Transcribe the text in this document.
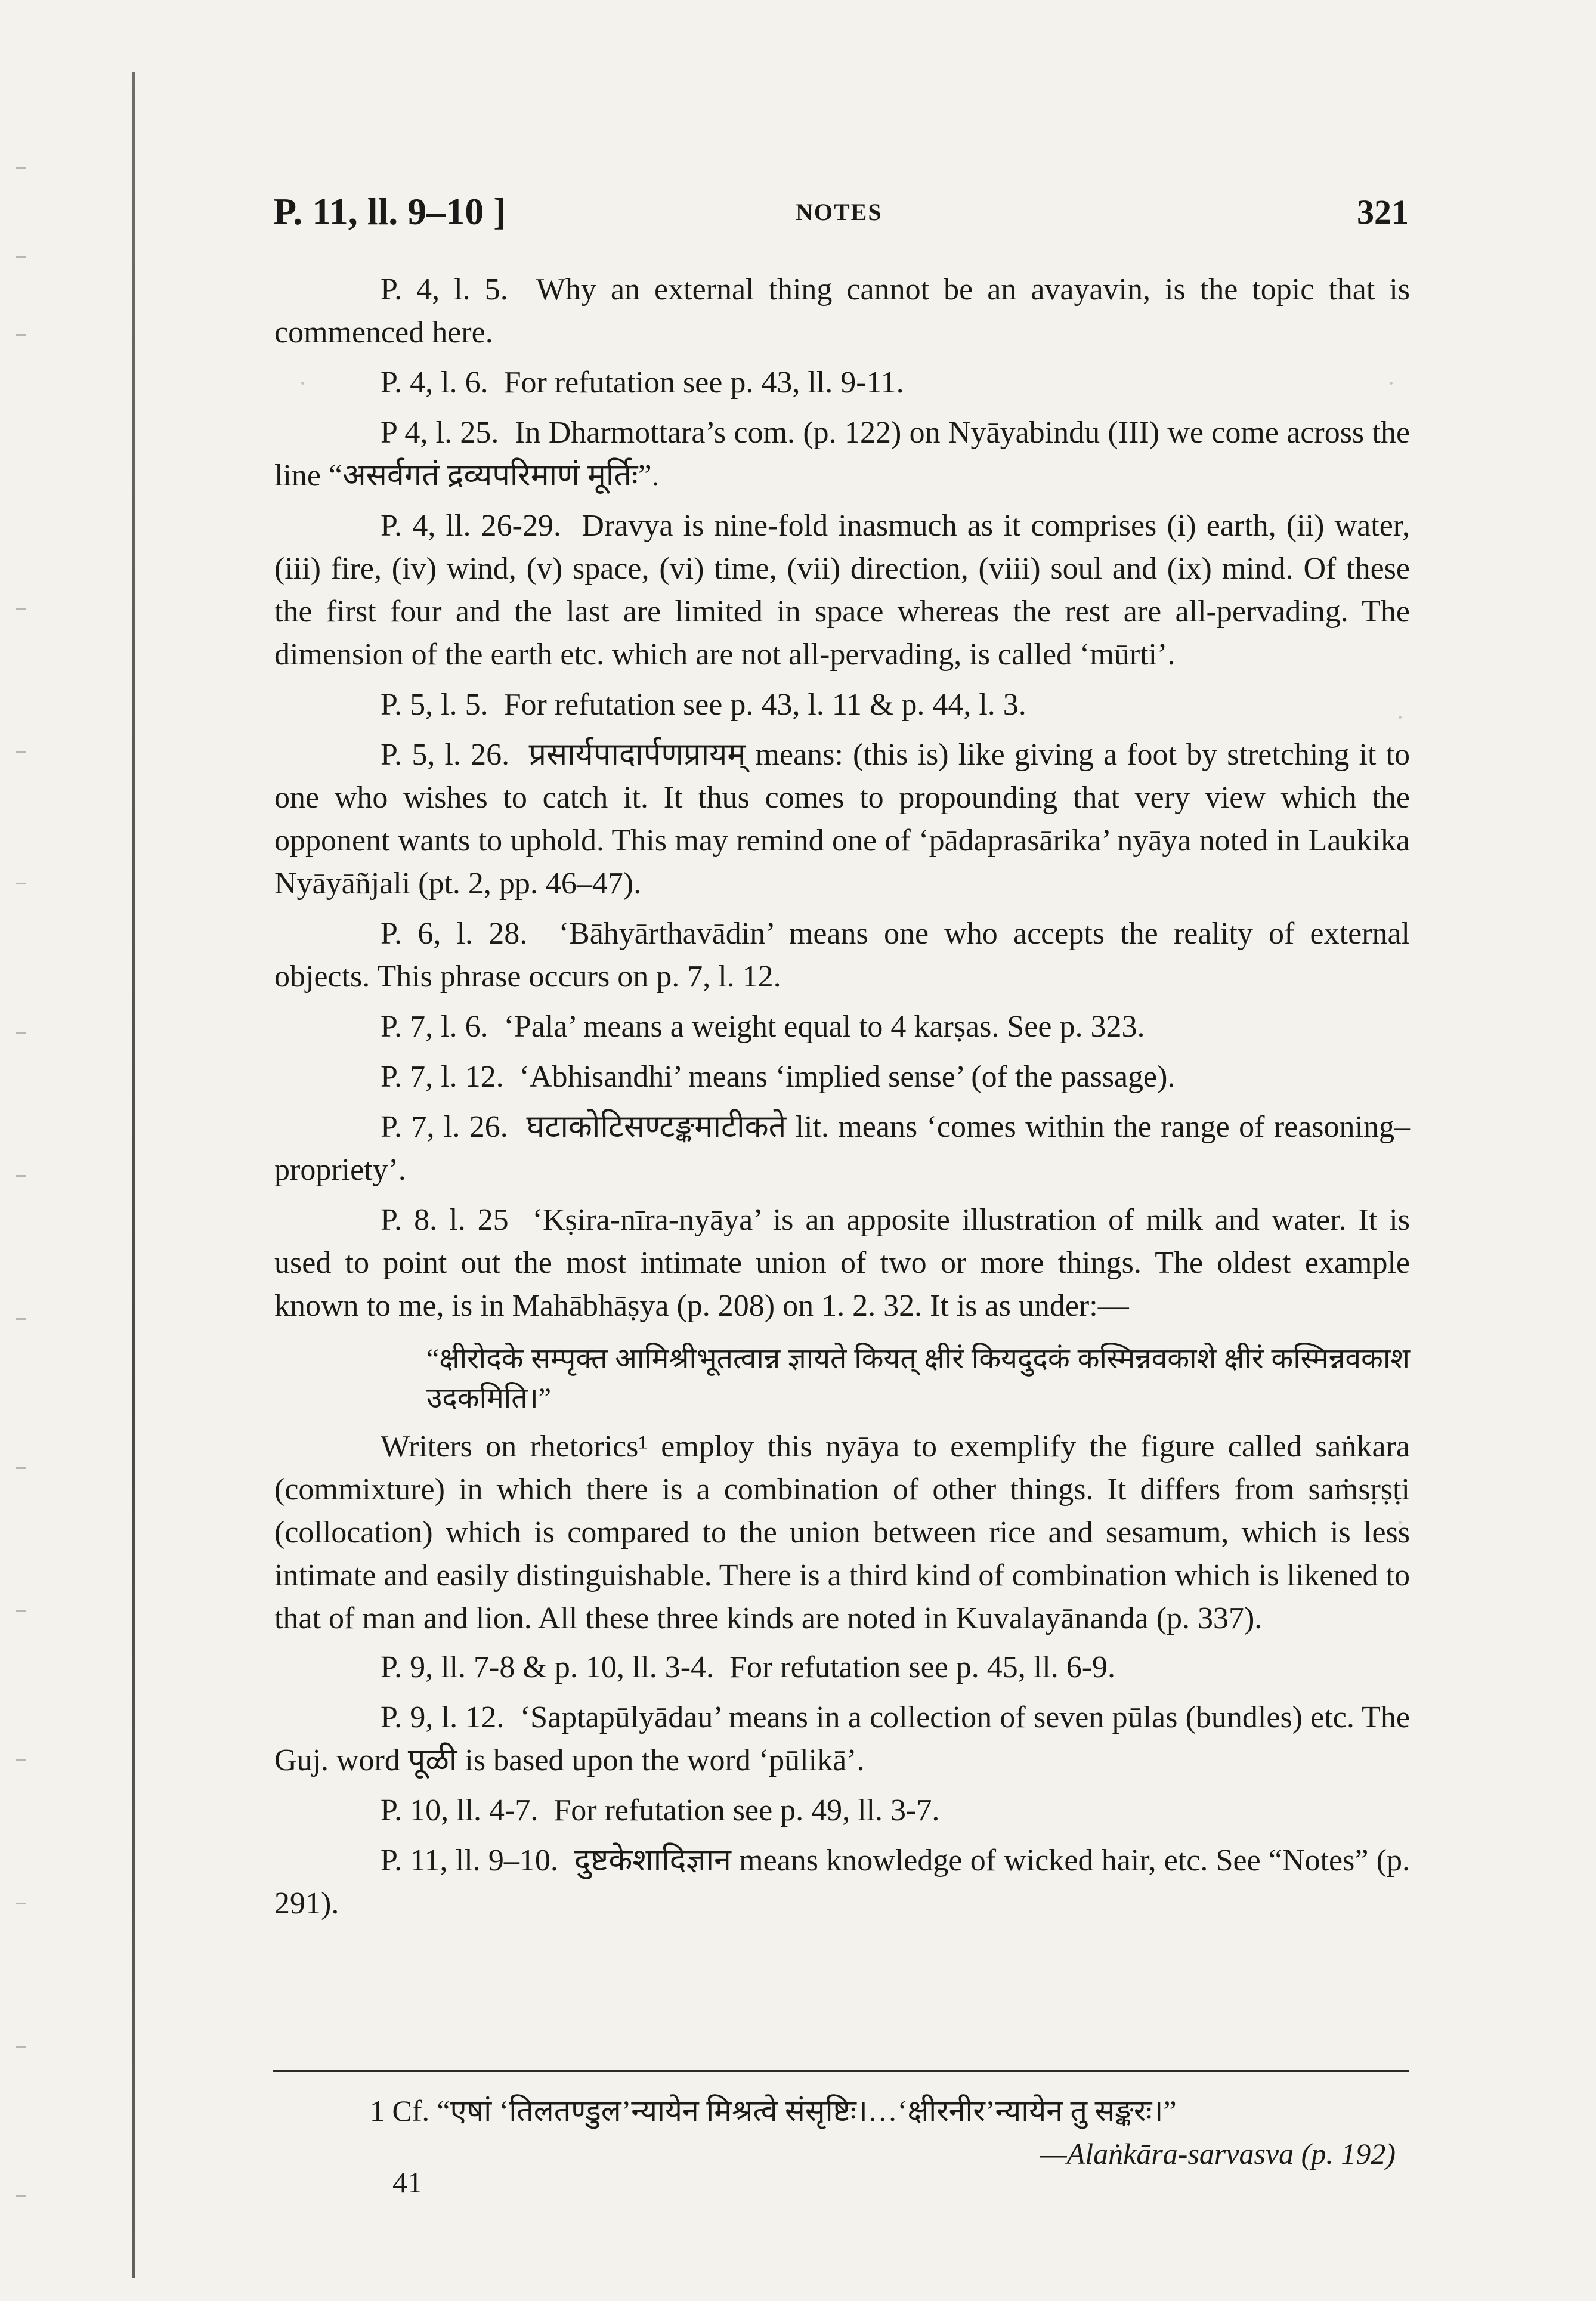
P. 11, ll. 9–10 ]	NOTES	321

P. 4, l. 5. Why an external thing cannot be an avayavin, is the topic that is commenced here.

P. 4, l. 6. For refutation see p. 43, ll. 9-11.

P 4, l. 25. In Dharmottara’s com. (p. 122) on Nyāyabindu (III) we come across the line “असर्वगतं द्रव्यपरिमाणं मूर्तिः”.

P. 4, ll. 26-29. Dravya is nine-fold inasmuch as it comprises (i) earth, (ii) water, (iii) fire, (iv) wind, (v) space, (vi) time, (vii) direction, (viii) soul and (ix) mind. Of these the first four and the last are limited in space whereas the rest are all-pervading. The dimension of the earth etc. which are not all-pervading, is called ‘mūrti’.

P. 5, l. 5. For refutation see p. 43, l. 11 & p. 44, l. 3.

P. 5, l. 26. प्रसार्यपादार्पणप्रायम् means: (this is) like giving a foot by stretching it to one who wishes to catch it. It thus comes to propounding that very view which the opponent wants to uphold. This may remind one of ‘pādaprasārika’ nyāya noted in Laukika Nyāyāñjali (pt. 2, pp. 46–47).

P. 6, l. 28. ‘Bāhyārthavādin’ means one who accepts the reality of external objects. This phrase occurs on p. 7, l. 12.

P. 7, l. 6. ‘Pala’ means a weight equal to 4 karṣas. See p. 323.

P. 7, l. 12. ‘Abhisandhi’ means ‘implied sense’ (of the passage).

P. 7, l. 26. घटाकोटिसण्टङ्कमाटीकते lit. means ‘comes within the range of reasoning–propriety’.

P. 8. l. 25 ‘Kṣira-nīra-nyāya’ is an apposite illustration of milk and water. It is used to point out the most intimate union of two or more things. The oldest example known to me, is in Mahābhāṣya (p. 208) on 1. 2. 32. It is as under:—

“क्षीरोदके सम्पृक्त आमिश्रीभूतत्वान्न ज्ञायते कियत् क्षीरं कियदुदकं कस्मिन्नवकाशे क्षीरं कस्मिन्नवकाश उदकमिति।”

Writers on rhetorics¹ employ this nyāya to exemplify the figure called saṅkara (commixture) in which there is a combination of other things. It differs from saṁsṛṣṭi (collocation) which is compared to the union between rice and sesamum, which is less intimate and easily distinguishable. There is a third kind of combination which is likened to that of man and lion. All these three kinds are noted in Kuvalayānanda (p. 337).

P. 9, ll. 7-8 & p. 10, ll. 3-4. For refutation see p. 45, ll. 6-9.

P. 9, l. 12. ‘Saptapūlyādau’ means in a collection of seven pūlas (bundles) etc. The Guj. word पूळी is based upon the word ‘pūlikā’.

P. 10, ll. 4-7. For refutation see p. 49, ll. 3-7.

P. 11, ll. 9–10. दुष्टकेशादिज्ञान means knowledge of wicked hair, etc. See “Notes” (p. 291).

1 Cf. “एषां ‘तिलतण्डुल’न्यायेन मिश्रत्वे संसृष्टिः।…‘क्षीरनीर’न्यायेन तु सङ्करः।”
—Alaṅkāra-sarvasva (p. 192)
41
